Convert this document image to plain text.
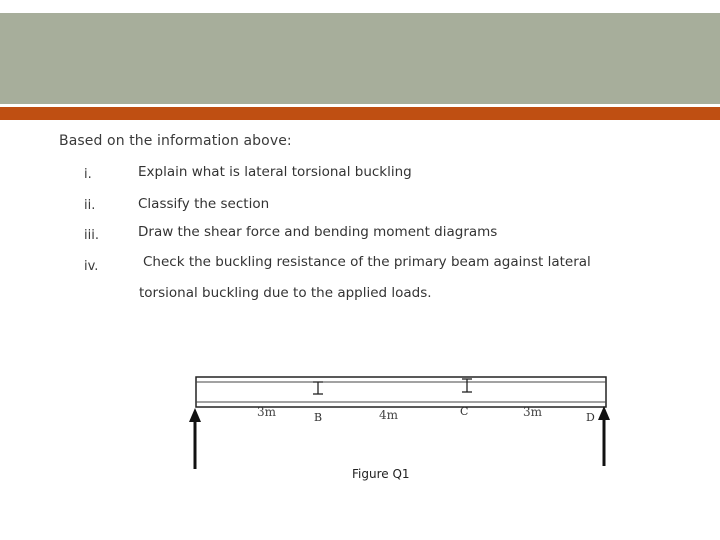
Based on the information above:
i.	Explain what is lateral torsional buckling
ii.	Classify the section
iii.	Draw the shear force and bending moment diagrams
iv.	Check the buckling resistance of the primary beam against lateral
torsional buckling due to the applied loads.
3m	B	4m	C	3m	D
Figure Q1
